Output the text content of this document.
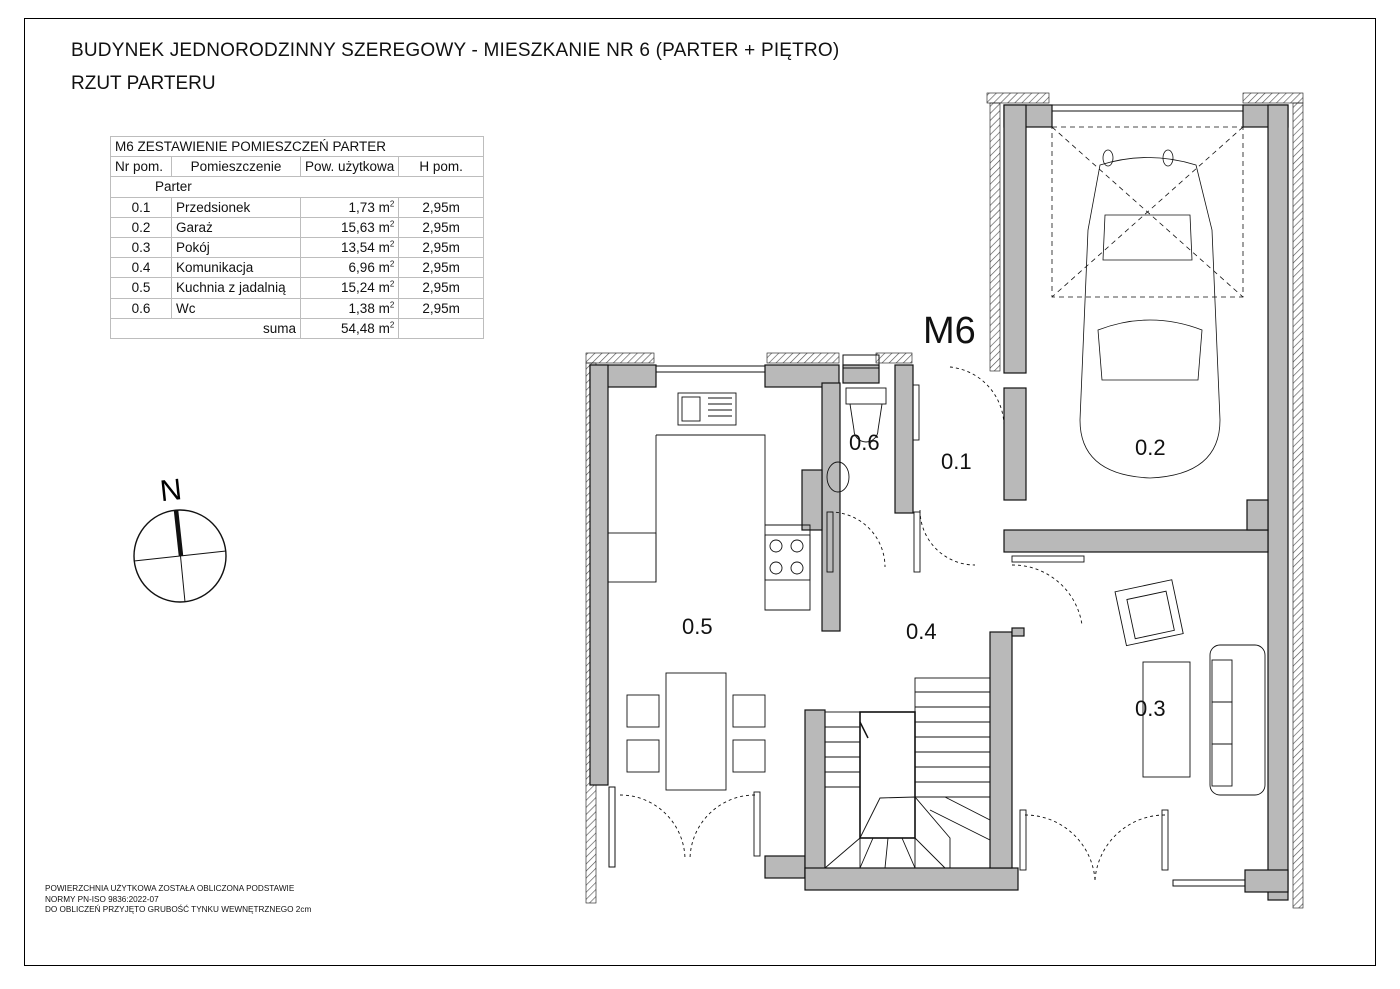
BUDYNEK JEDNORODZINNY SZEREGOWY - MIESZKANIE NR 6 (PARTER + PIĘTRO)
RZUT PARTERU
M6 ZESTAWIENIE POMIESZCZEŃ PARTER			
Nr pom.	Pomieszczenie	Pow. użytkowa	H pom.
Parter			
0.1	Przedsionek	1,73 $m^2$	2,95m
0.2	Garaż	15,63 $m^2$	2,95m
0.3	Pokój	13,54 $m^2$	2,95m
0.4	Komunikacja	6,96 $m^2$	2,95m
0.5	Kuchnia z jadalnią	15,24 $m^2$	2,95m
0.6	Wc	1,38 $m^2$	2,95m
	suma	54,48 $m^2$	
N
M6
0.1
0.2
0.3
0.4
0.5
0.6
POWIERZCHNIA UŻYTKOWA ZOSTAŁA OBLICZONA PODSTAWIE
NORMY PN-ISO 9836:2022-07
DO OBLICZEŃ PRZYJĘTO GRUBOŚĆ TYNKU WEWNĘTRZNEGO 2cm
